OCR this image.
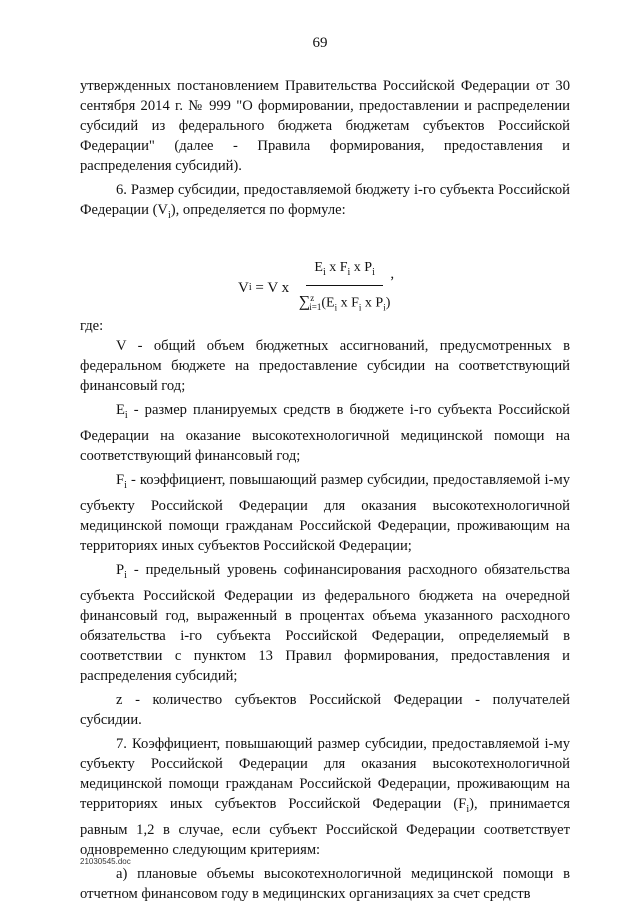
69

утвержденных постановлением Правительства Российской Федерации от 30 сентября 2014 г. № 999 "О формировании, предоставлении и распределении субсидий из федерального бюджета бюджетам субъектов Российской Федерации" (далее - Правила формирования, предоставления и распределения субсидий).

6. Размер субсидии, предоставляемой бюджету i-го субъекта Российской Федерации $(V_i)$, определяется по формуле:

V i = V x $\frac{E_i x F_i x P_i}{\sum^z_{i=1}(E_i x F_i x P_i)}$ ,

где:

V - общий объем бюджетных ассигнований, предусмотренных в федеральном бюджете на предоставление субсидии на соответствующий финансовый год;

$E_i$ - размер планируемых средств в бюджете i-го субъекта Российской Федерации на оказание высокотехнологичной медицинской помощи на соответствующий финансовый год;

$F_i$ - коэффициент, повышающий размер субсидии, предоставляемой i-му субъекту Российской Федерации для оказания высокотехнологичной медицинской помощи гражданам Российской Федерации, проживающим на территориях иных субъектов Российской Федерации;

$P_i$ - предельный уровень софинансирования расходного обязательства субъекта Российской Федерации из федерального бюджета на очередной финансовый год, выраженный в процентах объема указанного расходного обязательства i-го субъекта Российской Федерации, определяемый в соответствии с пунктом 13 Правил формирования, предоставления и распределения субсидий;

z - количество субъектов Российской Федерации - получателей субсидии.

7. Коэффициент, повышающий размер субсидии, предоставляемой i-му субъекту Российской Федерации для оказания высокотехнологичной медицинской помощи гражданам Российской Федерации, проживающим на территориях иных субъектов Российской Федерации $(F_i)$, принимается равным 1,2 в случае, если субъект Российской Федерации соответствует одновременно следующим критериям:

а) плановые объемы высокотехнологичной медицинской помощи в отчетном финансовом году в медицинских организациях за счет средств

21030545.doc
